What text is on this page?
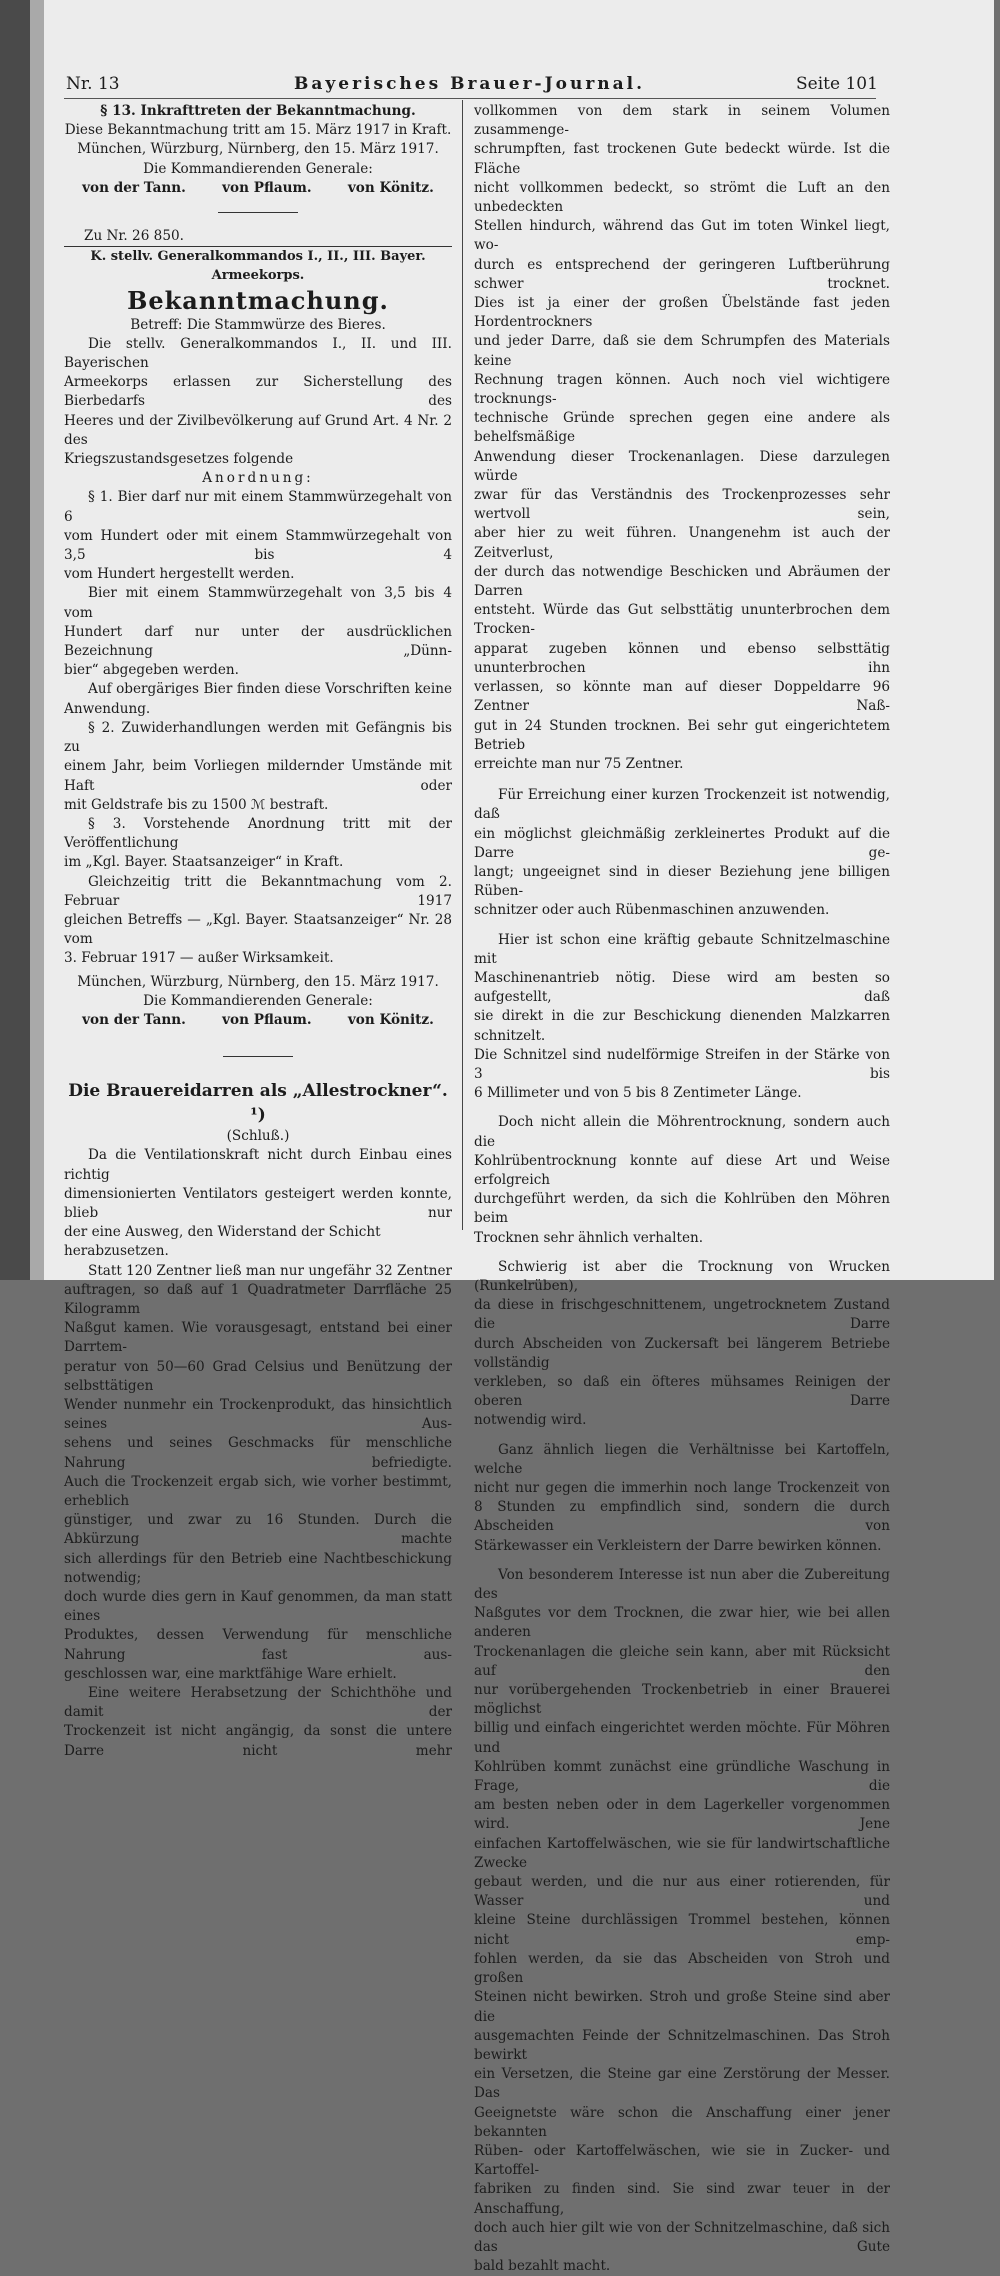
Nr. 13	Bayerisches Brauer-Journal.	Seite 101

§ 13. Inkrafttreten der Bekanntmachung.

Diese Bekanntmachung tritt am 15. März 1917 in Kraft.

München, Würzburg, Nürnberg, den 15. März 1917.

Die Kommandierenden Generale:

von der Tann.	von Pflaum.	von Könitz.

Zu Nr. 26 850.

K. stellv. Generalkommandos I., II., III. Bayer. Armeekorps.

Bekanntmachung.

Betreff: Die Stammwürze des Bieres.

Die stellv. Generalkommandos I., II. und III. Bayerischen

Armeekorps erlassen zur Sicherstellung des Bierbedarfs des

Heeres und der Zivilbevölkerung auf Grund Art. 4 Nr. 2 des

Kriegszustandsgesetzes folgende

Anordnung:

§ 1. Bier darf nur mit einem Stammwürzegehalt von 6

vom Hundert oder mit einem Stammwürzegehalt von 3,5 bis 4

vom Hundert hergestellt werden.

Bier mit einem Stammwürzegehalt von 3,5 bis 4 vom

Hundert darf nur unter der ausdrücklichen Bezeichnung „Dünn-

bier“ abgegeben werden.

Auf obergäriges Bier finden diese Vorschriften keine

Anwendung.

§ 2. Zuwiderhandlungen werden mit Gefängnis bis zu

einem Jahr, beim Vorliegen mildernder Umstände mit Haft oder

mit Geldstrafe bis zu 1500 ℳ bestraft.

§ 3. Vorstehende Anordnung tritt mit der Veröffentlichung

im „Kgl. Bayer. Staatsanzeiger“ in Kraft.

Gleichzeitig tritt die Bekanntmachung vom 2. Februar 1917

gleichen Betreffs — „Kgl. Bayer. Staatsanzeiger“ Nr. 28 vom

3. Februar 1917 — außer Wirksamkeit.

München, Würzburg, Nürnberg, den 15. März 1917.

Die Kommandierenden Generale:

von der Tann.	von Pflaum.	von Könitz.

Die Brauereidarren als „Allestrockner“. ¹)

(Schluß.)

Da die Ventilationskraft nicht durch Einbau eines richtig

dimensionierten Ventilators gesteigert werden konnte, blieb nur

der eine Ausweg, den Widerstand der Schicht herabzusetzen.

Statt 120 Zentner ließ man nur ungefähr 32 Zentner

auftragen, so daß auf 1 Quadratmeter Darrfläche 25 Kilogramm

Naßgut kamen. Wie vorausgesagt, entstand bei einer Darrtem-

peratur von 50—60 Grad Celsius und Benützung der selbsttätigen

Wender nunmehr ein Trockenprodukt, das hinsichtlich seines Aus-

sehens und seines Geschmacks für menschliche Nahrung befriedigte.

Auch die Trockenzeit ergab sich, wie vorher bestimmt, erheblich

günstiger, und zwar zu 16 Stunden. Durch die Abkürzung machte

sich allerdings für den Betrieb eine Nachtbeschickung notwendig;

doch wurde dies gern in Kauf genommen, da man statt eines

Produktes, dessen Verwendung für menschliche Nahrung fast aus-

geschlossen war, eine marktfähige Ware erhielt.

Eine weitere Herabsetzung der Schichthöhe und damit der

Trockenzeit ist nicht angängig, da sonst die untere Darre nicht mehr

vollkommen von dem stark in seinem Volumen zusammenge-

schrumpften, fast trockenen Gute bedeckt würde. Ist die Fläche

nicht vollkommen bedeckt, so strömt die Luft an den unbedeckten

Stellen hindurch, während das Gut im toten Winkel liegt, wo-

durch es entsprechend der geringeren Luftberührung schwer trocknet.

Dies ist ja einer der großen Übelstände fast jeden Hordentrockners

und jeder Darre, daß sie dem Schrumpfen des Materials keine

Rechnung tragen können. Auch noch viel wichtigere trocknungs-

technische Gründe sprechen gegen eine andere als behelfsmäßige

Anwendung dieser Trockenanlagen. Diese darzulegen würde

zwar für das Verständnis des Trockenprozesses sehr wertvoll sein,

aber hier zu weit führen. Unangenehm ist auch der Zeitverlust,

der durch das notwendige Beschicken und Abräumen der Darren

entsteht. Würde das Gut selbsttätig ununterbrochen dem Trocken-

apparat zugeben können und ebenso selbsttätig ununterbrochen ihn

verlassen, so könnte man auf dieser Doppeldarre 96 Zentner Naß-

gut in 24 Stunden trocknen. Bei sehr gut eingerichtetem Betrieb

erreichte man nur 75 Zentner.

Für Erreichung einer kurzen Trockenzeit ist notwendig, daß

ein möglichst gleichmäßig zerkleinertes Produkt auf die Darre ge-

langt; ungeeignet sind in dieser Beziehung jene billigen Rüben-

schnitzer oder auch Rübenmaschinen anzuwenden.

Hier ist schon eine kräftig gebaute Schnitzelmaschine mit

Maschinenantrieb nötig. Diese wird am besten so aufgestellt, daß

sie direkt in die zur Beschickung dienenden Malzkarren schnitzelt.

Die Schnitzel sind nudelförmige Streifen in der Stärke von 3 bis

6 Millimeter und von 5 bis 8 Zentimeter Länge.

Doch nicht allein die Möhrentrocknung, sondern auch die

Kohlrübentrocknung konnte auf diese Art und Weise erfolgreich

durchgeführt werden, da sich die Kohlrüben den Möhren beim

Trocknen sehr ähnlich verhalten.

Schwierig ist aber die Trocknung von Wrucken (Runkelrüben),

da diese in frischgeschnittenem, ungetrocknetem Zustand die Darre

durch Abscheiden von Zuckersaft bei längerem Betriebe vollständig

verkleben, so daß ein öfteres mühsames Reinigen der oberen Darre

notwendig wird.

Ganz ähnlich liegen die Verhältnisse bei Kartoffeln, welche

nicht nur gegen die immerhin noch lange Trockenzeit von

8 Stunden zu empfindlich sind, sondern die durch Abscheiden von

Stärkewasser ein Verkleistern der Darre bewirken können.

Von besonderem Interesse ist nun aber die Zubereitung des

Naßgutes vor dem Trocknen, die zwar hier, wie bei allen anderen

Trockenanlagen die gleiche sein kann, aber mit Rücksicht auf den

nur vorübergehenden Trockenbetrieb in einer Brauerei möglichst

billig und einfach eingerichtet werden möchte. Für Möhren und

Kohlrüben kommt zunächst eine gründliche Waschung in Frage, die

am besten neben oder in dem Lagerkeller vorgenommen wird. Jene

einfachen Kartoffelwäschen, wie sie für landwirtschaftliche Zwecke

gebaut werden, und die nur aus einer rotierenden, für Wasser und

kleine Steine durchlässigen Trommel bestehen, können nicht emp-

fohlen werden, da sie das Abscheiden von Stroh und großen

Steinen nicht bewirken. Stroh und große Steine sind aber die

ausgemachten Feinde der Schnitzelmaschinen. Das Stroh bewirkt

ein Versetzen, die Steine gar eine Zerstörung der Messer. Das

Geeignetste wäre schon die Anschaffung einer jener bekannten

Rüben- oder Kartoffelwäschen, wie sie in Zucker- und Kartoffel-

fabriken zu finden sind. Sie sind zwar teuer in der Anschaffung,

doch auch hier gilt wie von der Schnitzelmaschine, daß sich das Gute

bald bezahlt macht.
